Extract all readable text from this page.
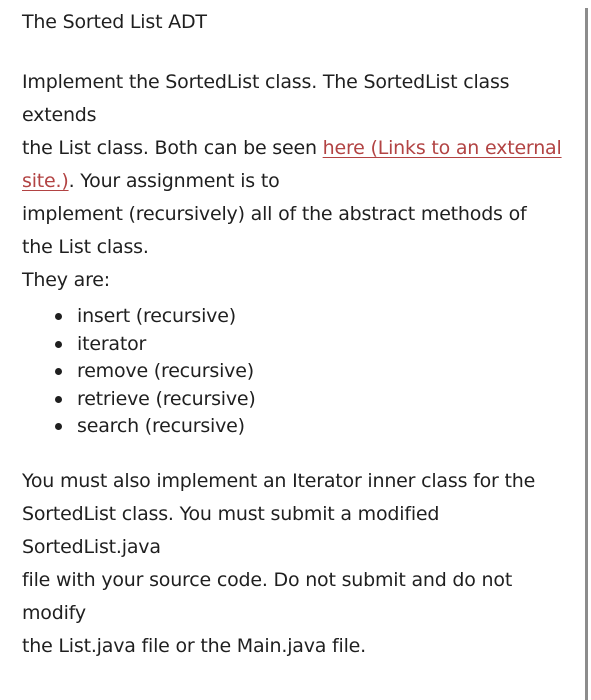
The Sorted List ADT

Implement the SortedList class. The SortedList class
extends
the List class. Both can be seen here (Links to an external
site.). Your assignment is to
implement (recursively) all of the abstract methods of
the List class.
They are:

insert (recursive)
iterator
remove (recursive)
retrieve (recursive)
search (recursive)

You must also implement an Iterator inner class for the
SortedList class. You must submit a modified
SortedList.java
file with your source code. Do not submit and do not
modify
the List.java file or the Main.java file.
